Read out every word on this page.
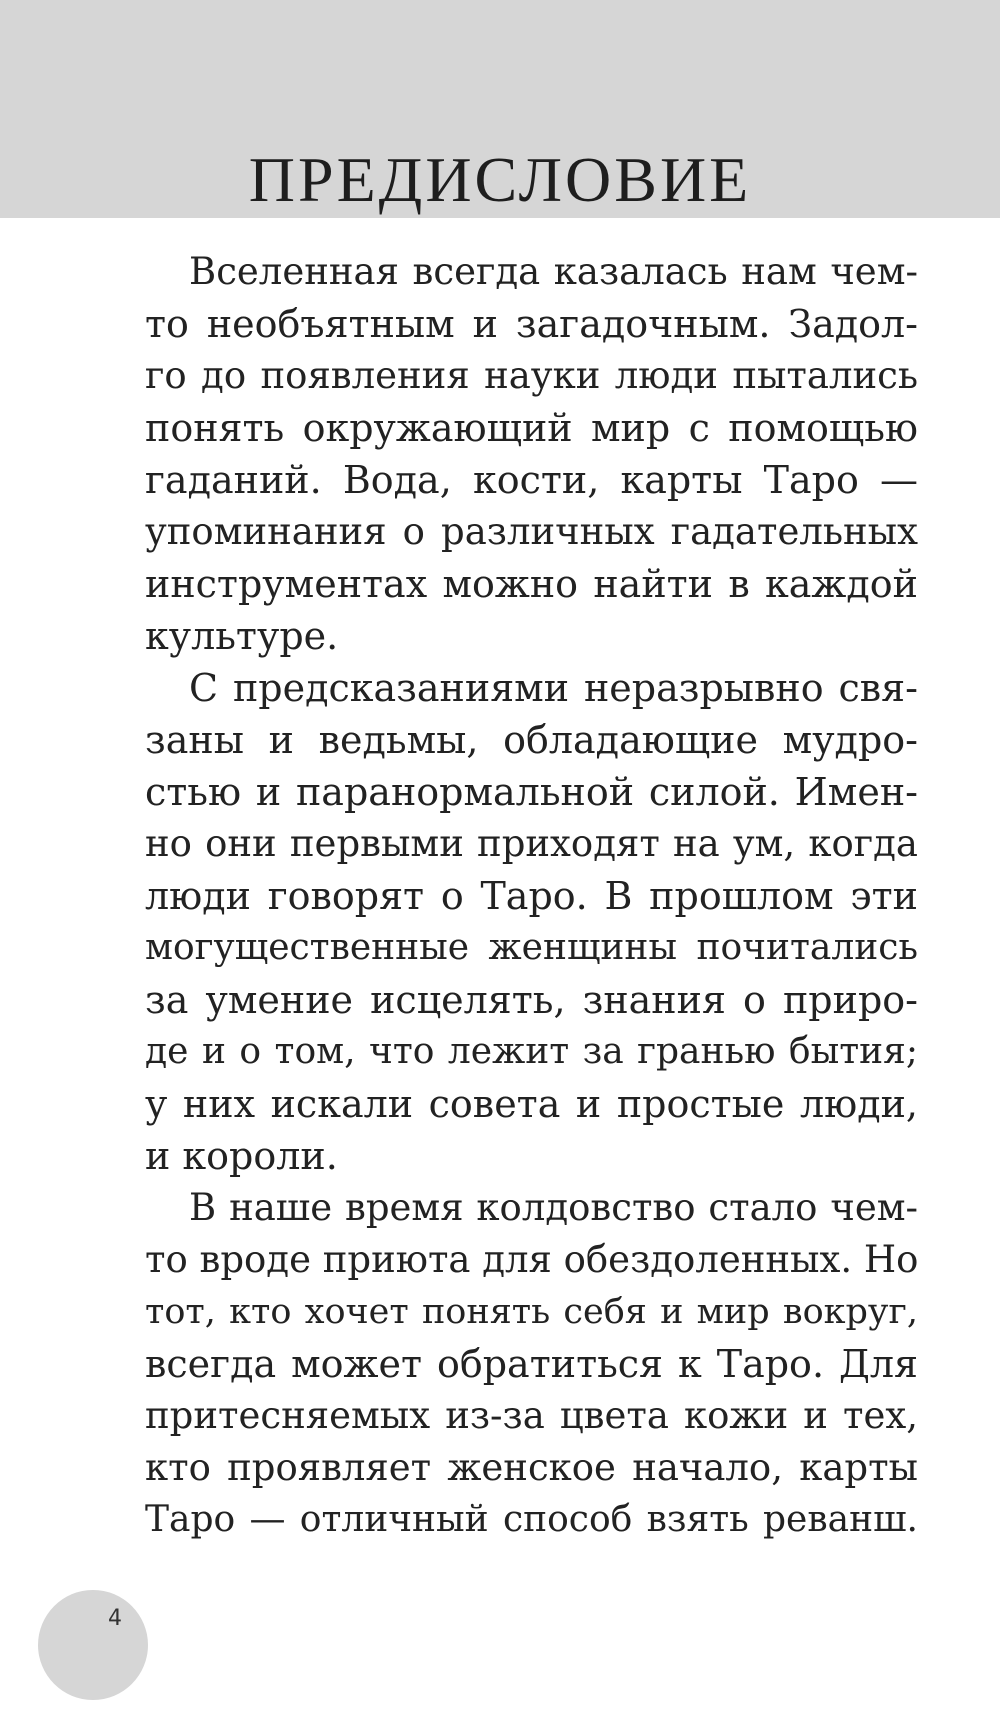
ПРЕДИСЛОВИЕ
Вселенная всегда казалась нам чем-
то необъятным и загадочным. Задол-
го до появления науки люди пытались
понять окружающий мир с помощью
гаданий. Вода, кости, карты Таро —
упоминания о различных гадательных
инструментах можно найти в каждой
культуре.
С предсказаниями неразрывно свя-
заны и ведьмы, обладающие мудро-
стью и паранормальной силой. Имен-
но они первыми приходят на ум, когда
люди говорят о Таро. В прошлом эти
могущественные женщины почитались
за умение исцелять, знания о приро-
де и о том, что лежит за гранью бытия;
у них искали совета и простые люди,
и короли.
В наше время колдовство стало чем-
то вроде приюта для обездоленных. Но
тот, кто хочет понять себя и мир вокруг,
всегда может обратиться к Таро. Для
притесняемых из-за цвета кожи и тех,
кто проявляет женское начало, карты
Таро — отличный способ взять реванш.
4
